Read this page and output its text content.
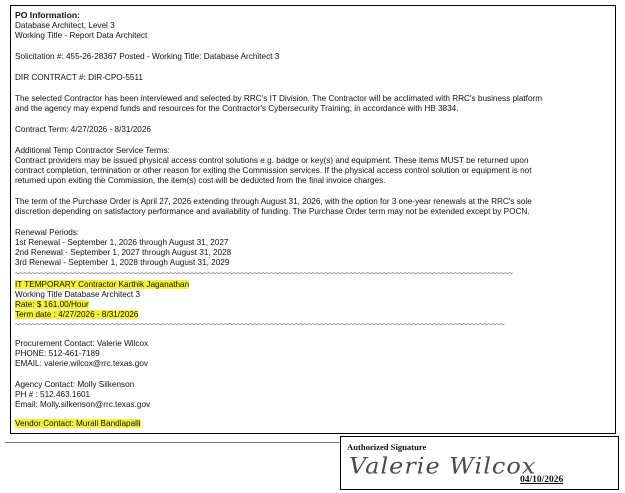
PO Information:
Database Architect, Level 3
Working Title - Report Data Architect
Solicitation #: 455-26-28367 Posted - Working Title: Database Architect 3
DIR CONTRACT #: DIR-CPO-5511
The selected Contractor has been interviewed and selected by RRC's IT Division. The Contractor will be acclimated with RRC's business platform
and the agency may expend funds and resources for the Contractor's Cybersecurity Training, in accordance with HB 3834.
Contract Term: 4/27/2026 - 8/31/2026
Additional Temp Contractor Service Terms:
Contract providers may be issued physical access control solutions e.g. badge or key(s) and equipment. These items MUST be returned upon
contract completion, termination or other reason for exiting the Commission services. If the physical access control solution or equipment is not
returned upon exiting the Commission, the item(s) cost will be deducted from the final invoice charges.
The term of the Purchase Order is April 27, 2026 extending through August 31, 2026, with the option for 3 one-year renewals at the RRC's sole
discretion depending on satisfactory performance and availability of funding. The Purchase Order term may not be extended except by POCN.
Renewal Periods:
1st Renewal - September 1, 2026 through August 31, 2027
2nd Renewal - September 1, 2027 through August 31, 2028
3rd Renewal - September 1, 2028 through August 31, 2029
~~~~~~~~~~~~~~~~~~~~~~~~~~~~~~~~~~~~~~~~~~~~~~~~~~~~~~~~~~~~~~~~~~~~~~~~~~~~~~~~~~~~~~~~~~~~~~~~~~~~~~~~~~~~~~~~~~~~~~~
IT TEMPORARY Contractor Karthik Jaganathan
Working Title Database Architect 3
Rate: $ 161.00/Hour
Term date : 4/27/2026 - 8/31/2026
~~~~~~~~~~~~~~~~~~~~~~~~~~~~~~~~~~~~~~~~~~~~~~~~~~~~~~~~~~~~~~~~~~~~~~~~~~~~~~~~~~~~~~~~~~~~~~~~~~~~~~~~~~~~~~~~~~~~~
Procurement Contact: Valerie Wilcox
PHONE: 512-461-7189
EMAIL: valerie.wilcox@rrc.texas.gov
Agency Contact: Molly Silkenson
PH # : 512.463.1601
Email: Molly.silkenson@rrc.texas.gov
Vendor Contact: Murali Bandlapalli
Authorized Signature
Valerie Wilcox
04/10/2026
